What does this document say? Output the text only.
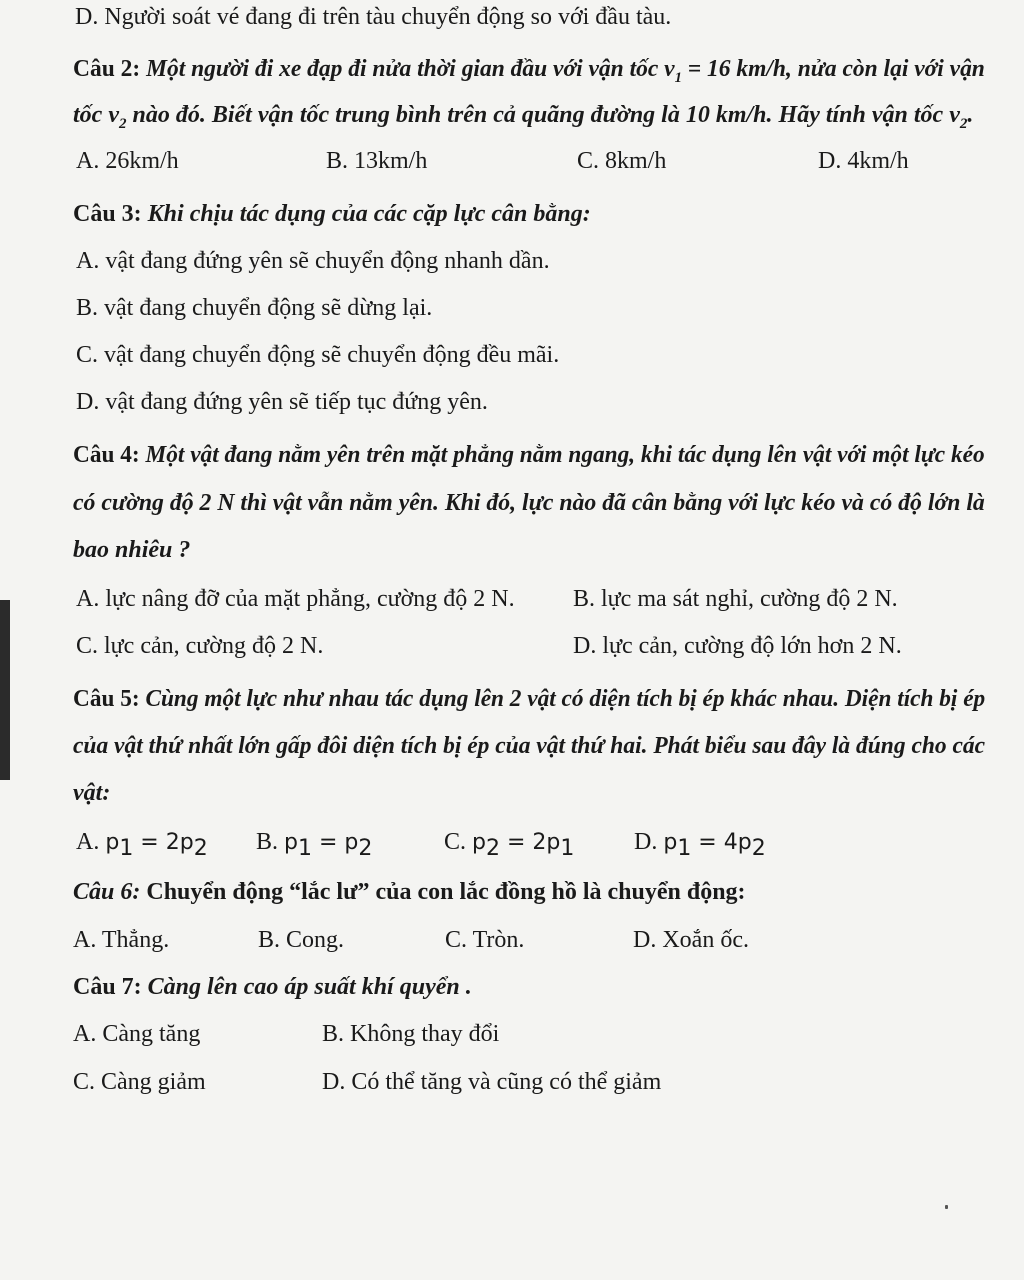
D. Người soát vé đang đi trên tàu chuyển động so với đầu tàu.
Câu 2: Một người đi xe đạp đi nửa thời gian đầu với vận tốc $v_1 = 16$ km/h, nửa còn lại với vận
tốc $v_2$ nào đó. Biết vận tốc trung bình trên cả quãng đường là 10 km/h. Hãy tính vận tốc $v_2$.
A. 26km/h	B. 13km/h	C. 8km/h	D. 4km/h
Câu 3: Khi chịu tác dụng của các cặp lực cân bằng:
A. vật đang đứng yên sẽ chuyển động nhanh dần.
B. vật đang chuyển động sẽ dừng lại.
C. vật đang chuyển động sẽ chuyển động đều mãi.
D. vật đang đứng yên sẽ tiếp tục đứng yên.
Câu 4: Một vật đang nằm yên trên mặt phẳng nằm ngang, khi tác dụng lên vật với một lực kéo
có cường độ 2 N thì vật vẫn nằm yên. Khi đó, lực nào đã cân bằng với lực kéo và có độ lớn là
bao nhiêu ?
A. lực nâng đỡ của mặt phẳng, cường độ 2 N. B. lực ma sát nghỉ, cường độ 2 N.
C. lực cản, cường độ 2 N.	D. lực cản, cường độ lớn hơn 2 N.
Câu 5: Cùng một lực như nhau tác dụng lên 2 vật có diện tích bị ép khác nhau. Diện tích bị ép
của vật thứ nhất lớn gấp đôi diện tích bị ép của vật thứ hai. Phát biểu sau đây là đúng cho các
vật:
A. $p_1 = 2p_2$ B. $p_1 = p_2$	C. $p_2 = 2p_1$ D. $p_1 = 4p_2$
Câu 6: Chuyển động “lắc lư” của con lắc đồng hồ là chuyển động:
A. Thẳng.	B. Cong.	C. Tròn.	D. Xoắn ốc.
Câu 7: Càng lên cao áp suất khí quyển .
A. Càng tăng	B. Không thay đổi
C. Càng giảm	D. Có thể tăng và cũng có thể giảm
